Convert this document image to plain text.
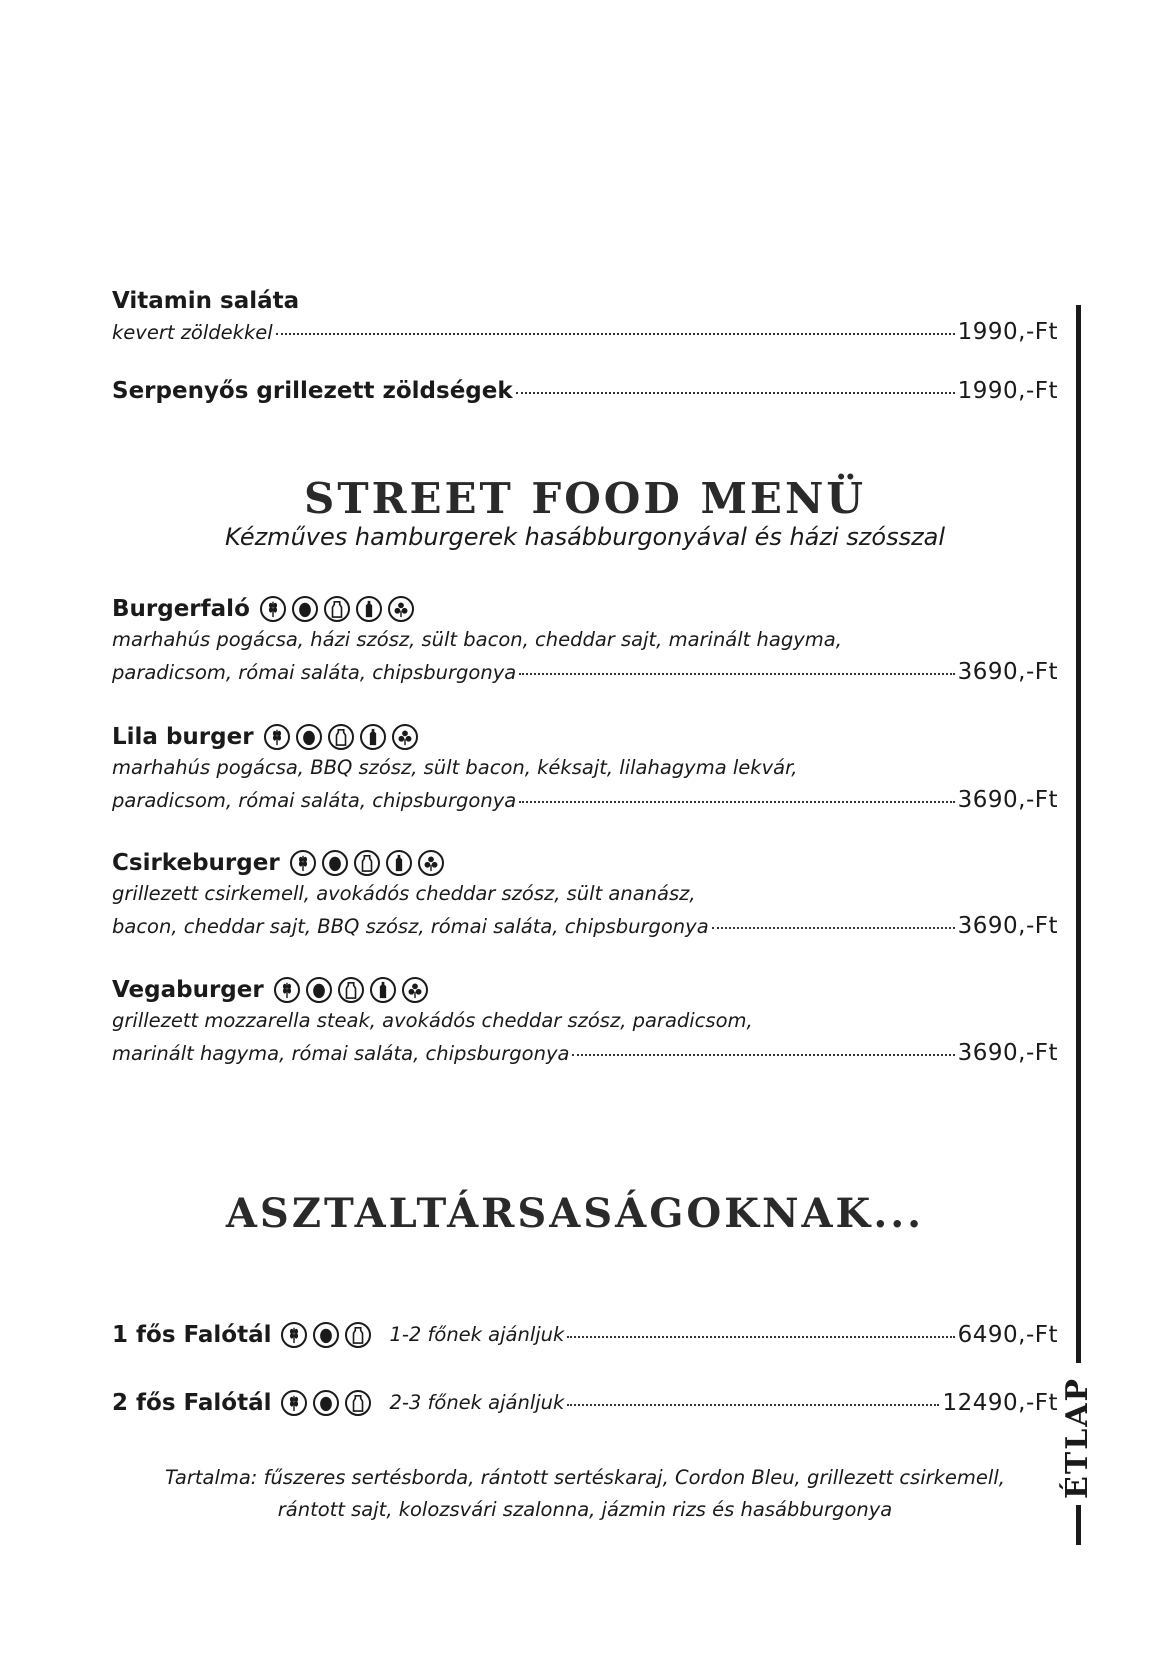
Vitamin saláta
kevert zöldekkel	1990,-Ft
Serpenyős grillezett zöldségek	1990,-Ft
STREET FOOD MENÜ
Kézműves hamburgerek hasábburgonyával és házi szósszal
Burgerfaló
marhahús pogácsa, házi szósz, sült bacon, cheddar sajt, marinált hagyma,
paradicsom, római saláta, chipsburgonya	3690,-Ft
Lila burger
marhahús pogácsa, BBQ szósz, sült bacon, kéksajt, lilahagyma lekvár,
paradicsom, római saláta, chipsburgonya	3690,-Ft
Csirkeburger
grillezett csirkemell, avokádós cheddar szósz, sült ananász,
bacon, cheddar sajt, BBQ szósz, római saláta, chipsburgonya	3690,-Ft
Vegaburger
grillezett mozzarella steak, avokádós cheddar szósz, paradicsom,
marinált hagyma, római saláta, chipsburgonya	3690,-Ft
ASZTALTÁRSASÁGOKNAK...
1 fős Falótál	1-2 főnek ajánljuk	6490,-Ft
2 fős Falótál	2-3 főnek ajánljuk	12490,-Ft
Tartalma: fűszeres sertésborda, rántott sertéskaraj, Cordon Bleu, grillezett csirkemell,
rántott sajt, kolozsvári szalonna, jázmin rizs és hasábburgonya
ÉTLAP
